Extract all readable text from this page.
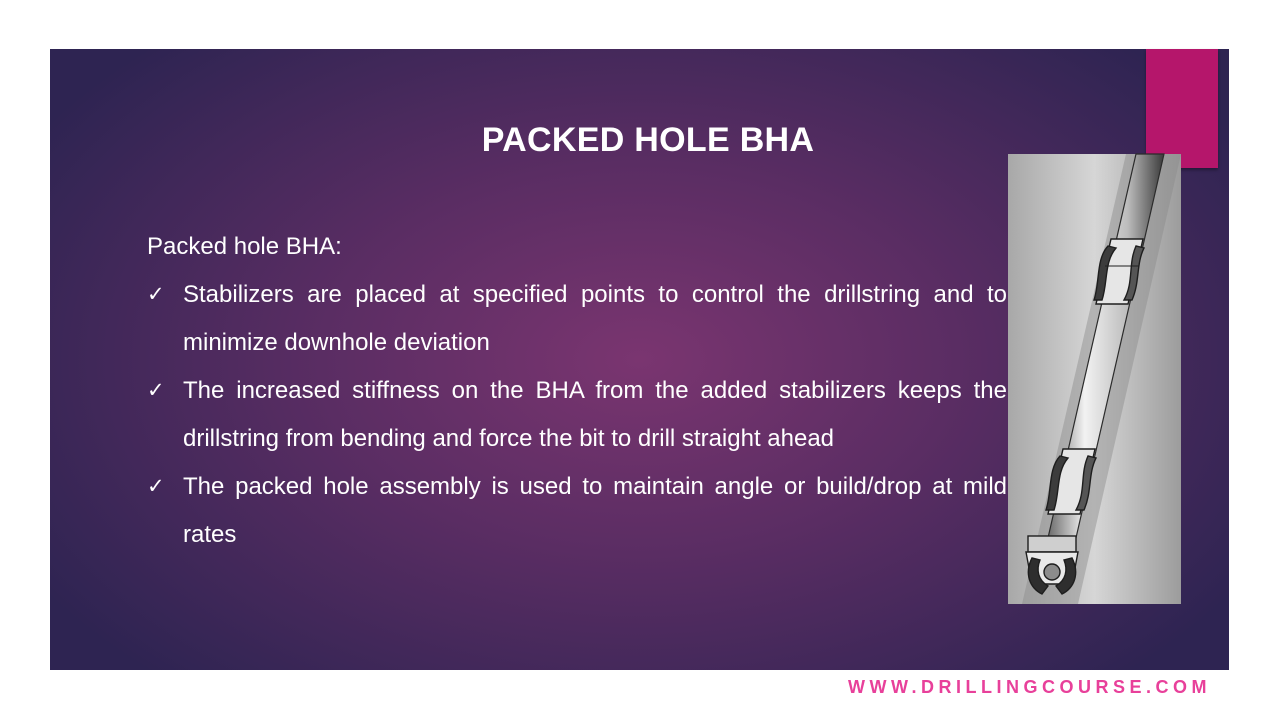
PACKED HOLE BHA

Packed hole BHA:

✓ Stabilizers are placed at specified points to control the drillstring and to minimize downhole deviation
✓ The increased stiffness on the BHA from the added stabilizers keeps the drillstring from bending and force the bit to drill straight ahead
✓ The packed hole assembly is used to maintain angle or build/drop at mild rates
WWW.DRILLINGCOURSE.COM
